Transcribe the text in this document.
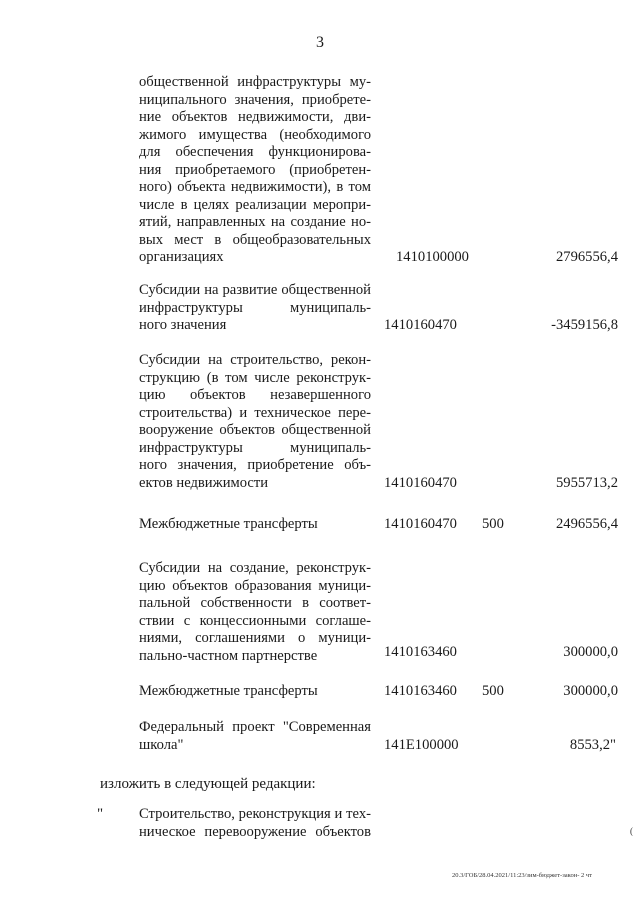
3
общественной инфраструктуры му-
ниципального значения, приобрете-
ние объектов недвижимости, дви-
жимого имущества (необходимого
для обеспечения функционирова-
ния приобретаемого (приобретен-
ного) объекта недвижимости), в том
числе в целях реализации меропри-
ятий, направленных на создание но-
вых мест в общеобразовательных
организациях	1410100000	2796556,4
Субсидии на развитие общественной
инфраструктуры муниципаль-
ного значения	1410160470	-3459156,8
Субсидии на строительство, рекон-
струкцию (в том числе реконструк-
цию объектов незавершенного
строительства) и техническое пере-
вооружение объектов общественной
инфраструктуры муниципаль-
ного значения, приобретение объ-
ектов недвижимости	1410160470	5955713,2
Межбюджетные трансферты	1410160470 500	2496556,4
Субсидии на создание, реконструк-
цию объектов образования муници-
пальной собственности в соответ-
ствии с концессионными соглаше-
ниями, соглашениями о муници-
пально-частном партнерстве	1410163460	300000,0
Межбюджетные трансферты	1410163460 500	300000,0
Федеральный проект "Современная
школа"	141E100000	8553,2"
изложить в следующей редакции:
" Строительство, реконструкция и тех-
ническое перевооружение объектов
20.3/ГОБ/28.04.2021/11:23/зим-бюджет-закон- 2 чт
(
